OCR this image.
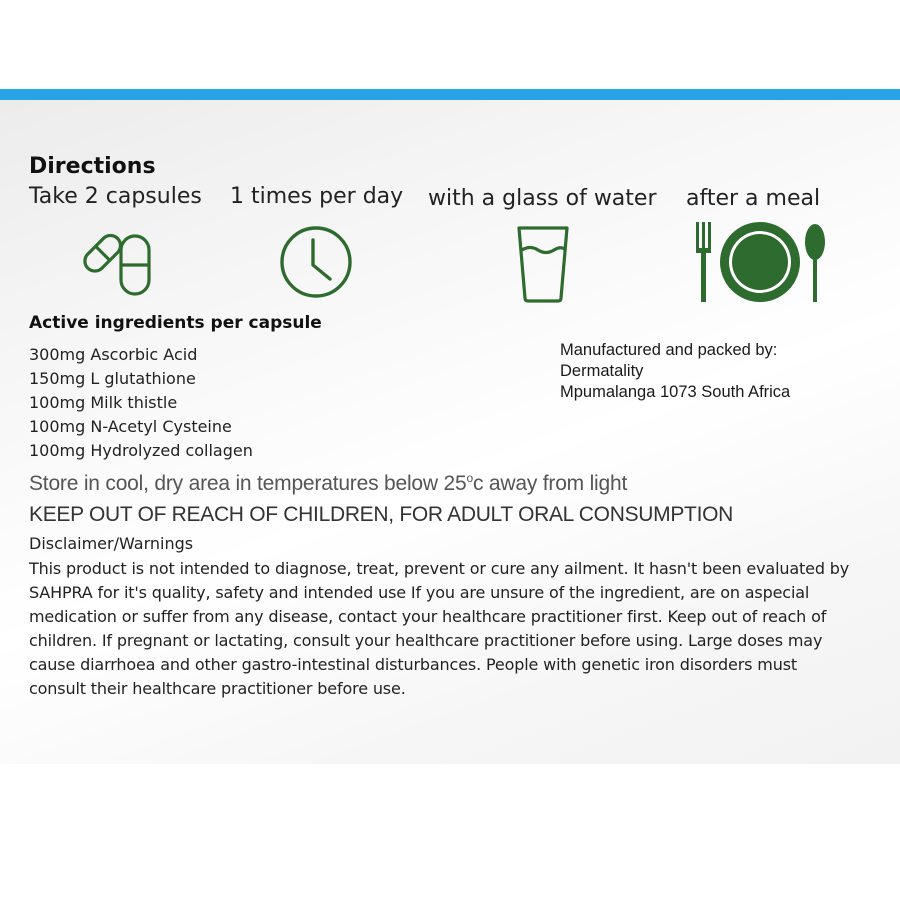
Directions
Take 2 capsules 1 times per day with a glass of water after a meal
Active ingredients per capsule
300mg Ascorbic Acid
150mg L glutathione
100mg Milk thistle
100mg N-Acetyl Cysteine
100mg Hydrolyzed collagen
Manufactured and packed by:
Dermatality
Mpumalanga 1073 South Africa
Store in cool, dry area in temperatures below 25$^o$c away from light
KEEP OUT OF REACH OF CHILDREN, FOR ADULT ORAL CONSUMPTION
Disclaimer/Warnings
This product is not intended to diagnose, treat, prevent or cure any ailment. It hasn't been evaluated by
SAHPRA for it's quality, safety and intended use If you are unsure of the ingredient, are on aspecial
medication or suffer from any disease, contact your healthcare practitioner first. Keep out of reach of
children. If pregnant or lactating, consult your healthcare practitioner before using. Large doses may
cause diarrhoea and other gastro-intestinal disturbances. People with genetic iron disorders must
consult their healthcare practitioner before use.
